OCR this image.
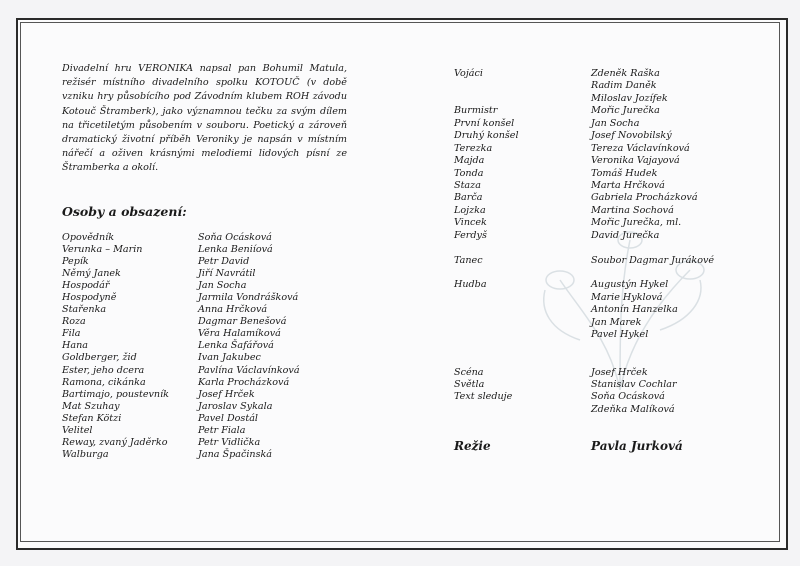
Divadelní hru VERONIKA napsal pan Bohumil Matula, režisér místního divadelního spolku KOTOUČ (v době vzniku hry působícího pod Závodním klubem ROH závodu Kotouč Štramberk), jako významnou tečku za svým dílem na třicetiletým působením v souboru. Poetický a zároveň dramatický životní příběh Veroniky je napsán v místním nářečí a oživen krásnými melodiemi lidových písní ze Štramberka a okolí.
Osoby a obsazení:
Opovědník	Soňa Ocásková
Verunka – Marin	Lenka Beniíová
Pepík	Petr David
Němý Janek	Jiří Navrátil
Hospodář	Jan Socha
Hospodyně	Jarmila Vondrášková
Stařenka	Anna Hrčková
Roza	Dagmar Benešová
Fila	Věra Halamíková
Hana	Lenka Šafářová
Goldberger, žid	Ivan Jakubec
Ester, jeho dcera	Pavlína Václavínková
Ramona, cikánka	Karla Procházková
Bartimajo, poustevník	Josef Hrček
Mat Szuhay	Jaroslav Sykala
Stefan Kötzi	Pavel Dostál
Velitel	Petr Fiala
Reway, zvaný Jaděrko	Petr Vidlička
Walburga	Jana Špačinská
Vojáci	Zdeněk Raška
Radim Daněk
Miloslav Jozífek
Burmistr	Mořic Jurečka
První konšel	Jan Socha
Druhý konšel	Josef Novobilský
Terezka	Tereza Václavínková
Majda	Veronika Vajayová
Tonda	Tomáš Hudek
Staza	Marta Hrčková
Barča	Gabriela Procházková
Lojzka	Martina Sochová
Vincek	Mořic Jurečka, ml.
Ferdyš	David Jurečka
Tanec	Soubor Dagmar Jurákové
Hudba	Augustýn Hykel
Marie Hyklová
Antonín Hanzelka
Jan Marek
Pavel Hykel
Scéna	Josef Hrček
Světla	Stanislav Cochlar
Text sleduje	Soňa Ocásková
Zdeňka Malíková
Režie	Pavla Jurková
